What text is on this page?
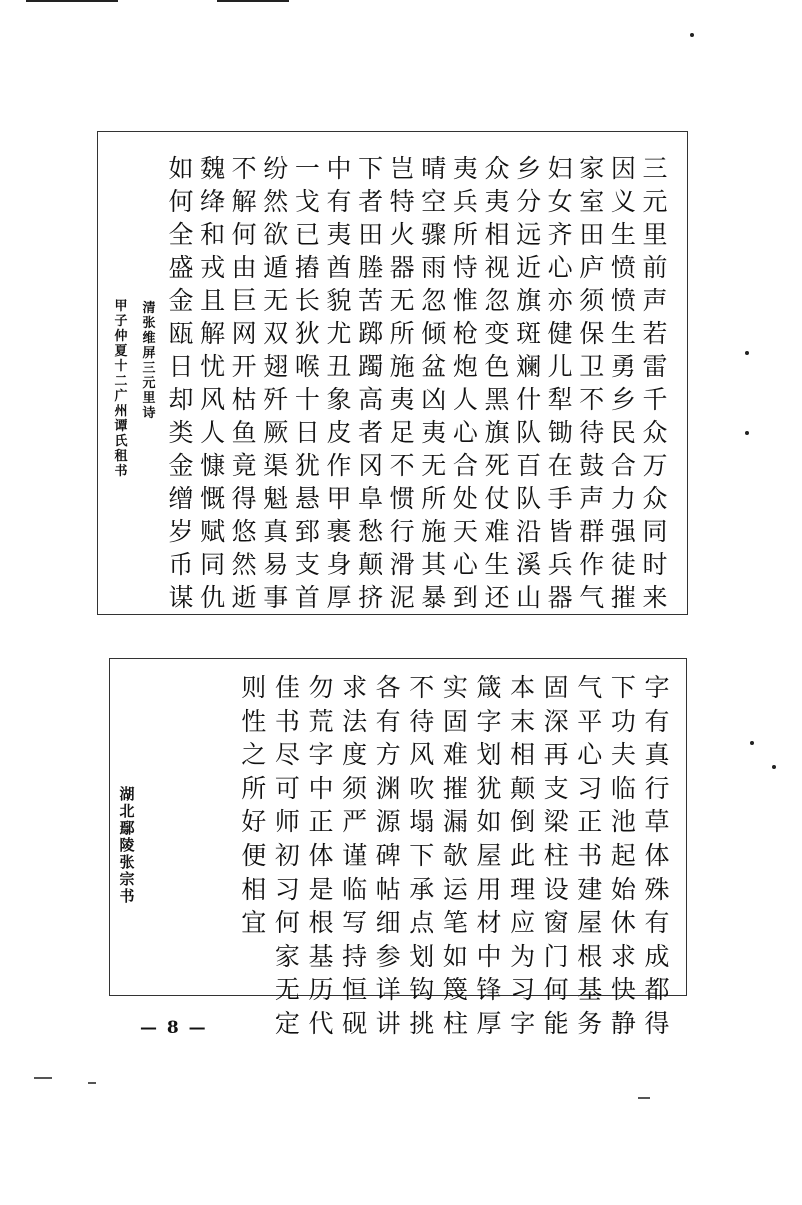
三
元
里
前
声
若
雷
千
众
万
众
同
时
来
因
义
生
愤
愤
生
勇
乡
民
合
力
强
徒
摧
家
室
田
庐
须
保
卫
不
待
鼓
声
群
作
气
妇
女
齐
心
亦
健
儿
犁
锄
在
手
皆
兵
器
乡
分
远
近
旗
斑
斓
什
队
百
队
沿
溪
山
众
夷
相
视
忽
变
色
黑
旗
死
仗
难
生
还
夷
兵
所
恃
惟
枪
炮
人
心
合
处
天
心
到
晴
空
骤
雨
忽
倾
盆
凶
夷
无
所
施
其
暴
岂
特
火
器
无
所
施
夷
足
不
惯
行
滑
泥
下
者
田
塍
苦
踯
躅
高
者
冈
阜
愁
颠
挤
中
有
夷
酋
貌
尤
丑
象
皮
作
甲
裹
身
厚
一
戈
已
摏
长
狄
喉
十
日
犹
悬
郅
支
首
纷
然
欲
遁
无
双
翅
歼
厥
渠
魁
真
易
事
不
解
何
由
巨
网
开
枯
鱼
竟
得
悠
然
逝
魏
绛
和
戎
且
解
忧
风
人
慷
慨
赋
同
仇
如
何
全
盛
金
瓯
日
却
类
金
缯
岁
币
谋
清
张
维
屏
三
元
里
诗
甲
子
仲
夏
十
二
广
州
谭
氏
租
书
字
有
真
行
草
体
殊
有
成
都
得
下
功
夫
临
池
起
始
休
求
快
静
气
平
心
习
正
书
建
屋
根
基
务
固
深
再
支
梁
柱
设
窗
门
何
能
本
末
相
颠
倒
此
理
应
为
习
字
箴
字
划
犹
如
屋
用
材
中
锋
厚
实
固
难
摧
漏
欹
运
笔
如
篾
柱
不
待
风
吹
塌
下
承
点
划
钩
挑
各
有
方
渊
源
碑
帖
细
参
详
讲
求
法
度
须
严
谨
临
写
持
恒
砚
勿
荒
字
中
正
体
是
根
基
历
代
佳
书
尽
可
师
初
习
何
家
无
定
则
性
之
所
好
便
相
宜
湖
北
鄢
陵
张
宗
书
— 8 —
